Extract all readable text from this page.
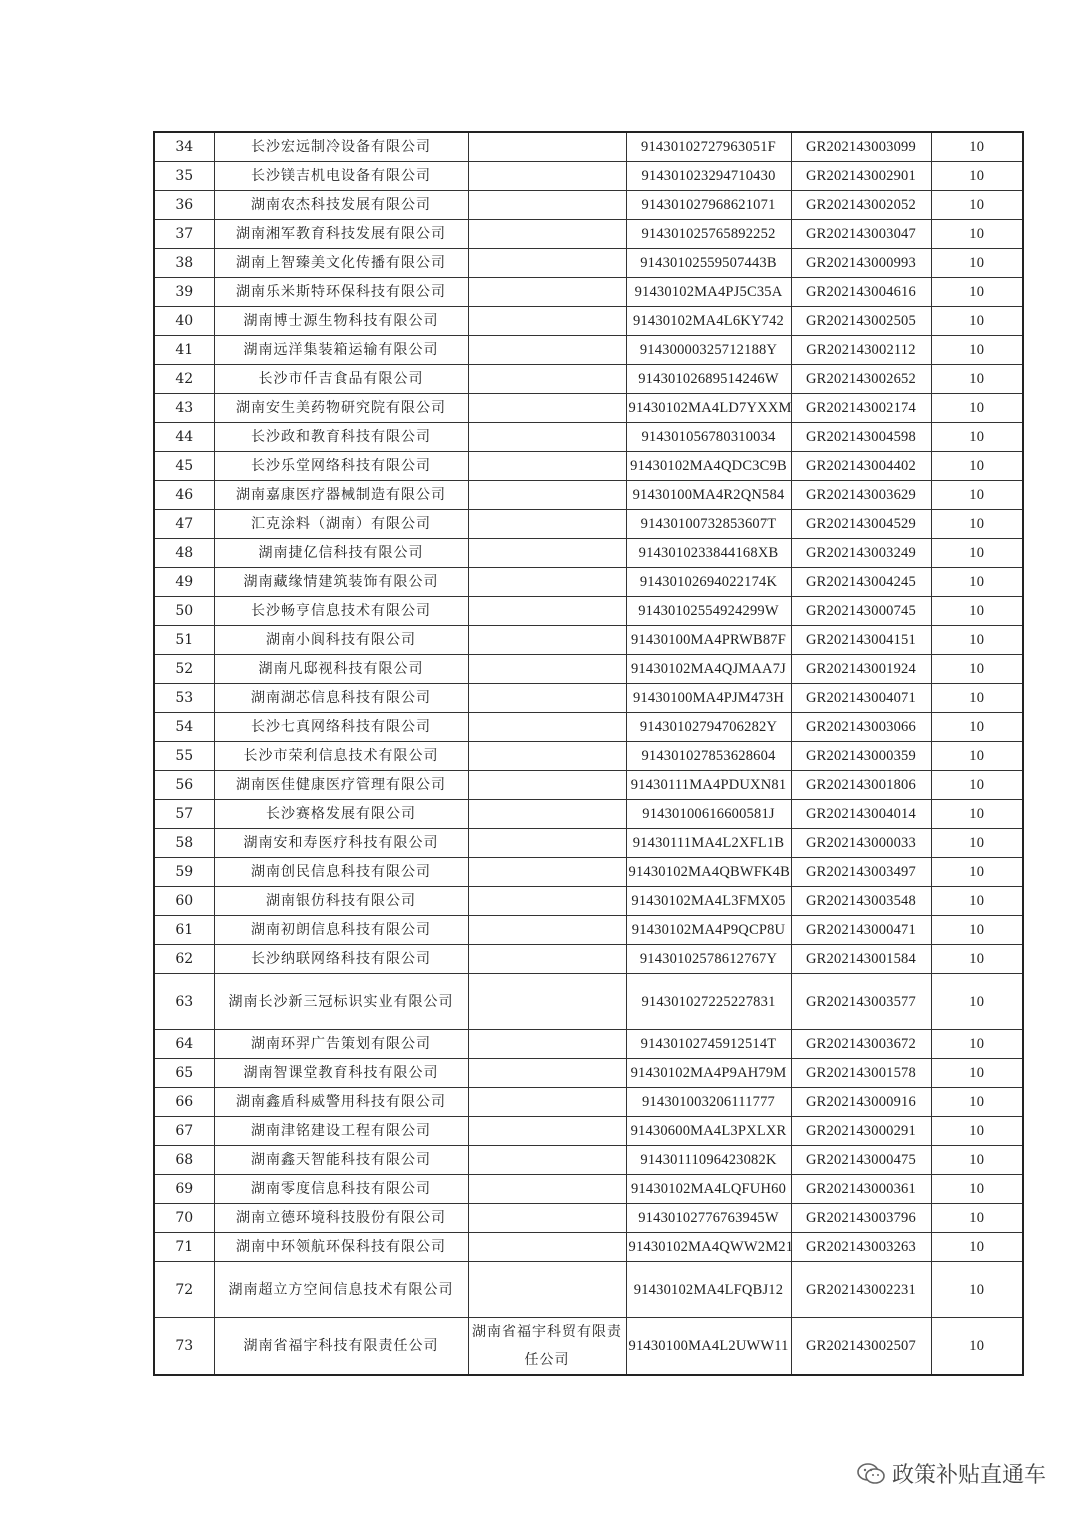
34	长沙宏远制冷设备有限公司		91430102727963051F	GR202143003099	10
35	长沙镁吉机电设备有限公司		914301023294710430	GR202143002901	10
36	湖南农杰科技发展有限公司		914301027968621071	GR202143002052	10
37	湖南湘军教育科技发展有限公司		914301025765892252	GR202143003047	10
38	湖南上智臻美文化传播有限公司		91430102559507443B	GR202143000993	10
39	湖南乐米斯特环保科技有限公司		91430102MA4PJ5C35A	GR202143004616	10
40	湖南博士源生物科技有限公司		91430102MA4L6KY742	GR202143002505	10
41	湖南远洋集装箱运输有限公司		91430000325712188Y	GR202143002112	10
42	长沙市仟吉食品有限公司		91430102689514246W	GR202143002652	10
43	湖南安生美药物研究院有限公司		91430102MA4LD7YXXM	GR202143002174	10
44	长沙政和教育科技有限公司		914301056780310034	GR202143004598	10
45	长沙乐堂网络科技有限公司		91430102MA4QDC3C9B	GR202143004402	10
46	湖南嘉康医疗器械制造有限公司		91430100MA4R2QN584	GR202143003629	10
47	汇克涂料（湖南）有限公司		91430100732853607T	GR202143004529	10
48	湖南捷亿信科技有限公司		9143010233844168XB	GR202143003249	10
49	湖南藏缘情建筑装饰有限公司		91430102694022174K	GR202143004245	10
50	长沙畅亨信息技术有限公司		91430102554924299W	GR202143000745	10
51	湖南小阆科技有限公司		91430100MA4PRWB87F	GR202143004151	10
52	湖南凡邸视科技有限公司		91430102MA4QJMAA7J	GR202143001924	10
53	湖南湖芯信息科技有限公司		91430100MA4PJM473H	GR202143004071	10
54	长沙七真网络科技有限公司		91430102794706282Y	GR202143003066	10
55	长沙市荣利信息技术有限公司		914301027853628604	GR202143000359	10
56	湖南医佳健康医疗管理有限公司		91430111MA4PDUXN81	GR202143001806	10
57	长沙赛格发展有限公司		91430100616600581J	GR202143004014	10
58	湖南安和寿医疗科技有限公司		91430111MA4L2XFL1B	GR202143000033	10
59	湖南创民信息科技有限公司		91430102MA4QBWFK4B	GR202143003497	10
60	湖南银仿科技有限公司		91430102MA4L3FMX05	GR202143003548	10
61	湖南初朗信息科技有限公司		91430102MA4P9QCP8U	GR202143000471	10
62	长沙纳联网络科技有限公司		91430102578612767Y	GR202143001584	10
63	湖南长沙新三冠标识实业有限公司		914301027225227831	GR202143003577	10
64	湖南环羿广告策划有限公司		91430102745912514T	GR202143003672	10
65	湖南智课堂教育科技有限公司		91430102MA4P9AH79M	GR202143001578	10
66	湖南鑫盾科威警用科技有限公司		914301003206111777	GR202143000916	10
67	湖南津铭建设工程有限公司		91430600MA4L3PXLXR	GR202143000291	10
68	湖南鑫天智能科技有限公司		91430111096423082K	GR202143000475	10
69	湖南零度信息科技有限公司		91430102MA4LQFUH60	GR202143000361	10
70	湖南立德环境科技股份有限公司		91430102776763945W	GR202143003796	10
71	湖南中环领航环保科技有限公司		91430102MA4QWW2M21	GR202143003263	10
72	湖南超立方空间信息技术有限公司		91430102MA4LFQBJ12	GR202143002231	10
73	湖南省福宇科技有限责任公司	湖南省福宇科贸有限责任公司	91430100MA4L2UWW11	GR202143002507	10
政策补贴直通车
